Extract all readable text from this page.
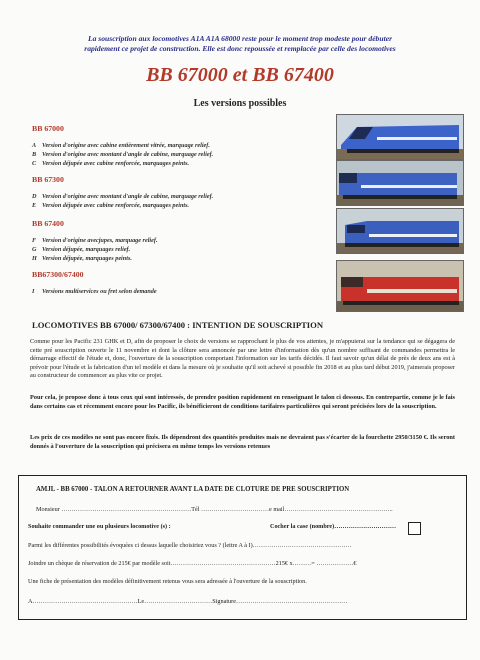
La souscription aux locomotives A1A A1A 68000 reste pour le moment trop modeste pour débuter
rapidement ce projet de construction. Elle est donc repoussée et remplacée par celle des locomotives
BB 67000 et BB 67400
Les versions possibles
BB 67000
A Version d'origine avec cabine entièrement vitrée, marquage relief.
B Version d'origine avec montant d'angle de cabine, marquage relief.
C Version déjupée avec cabine renforcée, marquages peints.
BB 67300
D Version d'origine avec montant d'angle de cabine, marquage relief.
E Version déjupée avec cabine renforcée, marquages peints.
BB 67400
F Version d'origine avecjupes, marquage relief.
G Version déjupée, marquages relief.
H Version déjupée, marquages peints.
BB67300/67400
I Versions multiservices ou fret selon demande
LOCOMOTIVES BB 67000/ 67300/67400 : INTENTION DE SOUSCRIPTION
Comme pour les Pacific 231 GHK et D, afin de proposer le choix de versions se rapprochant le plus de vos attentes, je m'appuierai sur la tendance qui se dégagera de cette pré souscription ouverte le 11 novembre et dont la clôture sera annoncée par une lettre d'information dès qu'un nombre suffisant de commandes permettra le démarrage effectif de l'étude et, donc, l'ouverture de la souscription comportant l'information sur les tarifs décidés. Il faut savoir qu'un délai de près de deux ans est à prévoir pour l'étude et la fabrication d'un tel modèle et dans la mesure où je souhaite qu'il soit achevé si possible fin 2018 et au plus tard début 2019, j'aimerais proposer au constructeur de commencer au plus vite ce projet.
Pour cela, je propose donc à tous ceux qui sont intéressés, de prendre position rapidement en renseignant le talon ci dessous. En contrepartie, comme je le fais dans certains cas et récemment encore pour les Pacific, ils bénéficieront de conditions tarifaires particulières qui seront précisées lors de la souscription.
Les prix de ces modèles ne sont pas encore fixés. Ils dépendront des quantités produites mais ne devraient pas s'écarter de la fourchette 2950/3150 €. Ils seront donnés à l'ouverture de la souscription qui précisera en même temps les versions retenues
AMJL - BB 67000 - TALON A RETOURNER AVANT LA DATE DE CLOTURE DE PRE SOUSCRIPTION
Monsieur ………………………………………………………Tél ……………………………e mail……………………………………………..
Souhaite commander une ou plusieurs locomotive (s) :	Cocher la case (nombre)…………………………
Parmi les différentes possibilités évoquées ci dessus laquelle choisiriez vous ? (lettre A à I)…………………………………………
Joindre un chèque de réservation de 215€ par modèle soit……………………………………………215€ x………= ………………€
Une fiche de présentation des modèles définitivement retenus vous sera adressée à l'ouverture de la souscription.
A……………………………………………Le……………………………Signature………………………………………………
